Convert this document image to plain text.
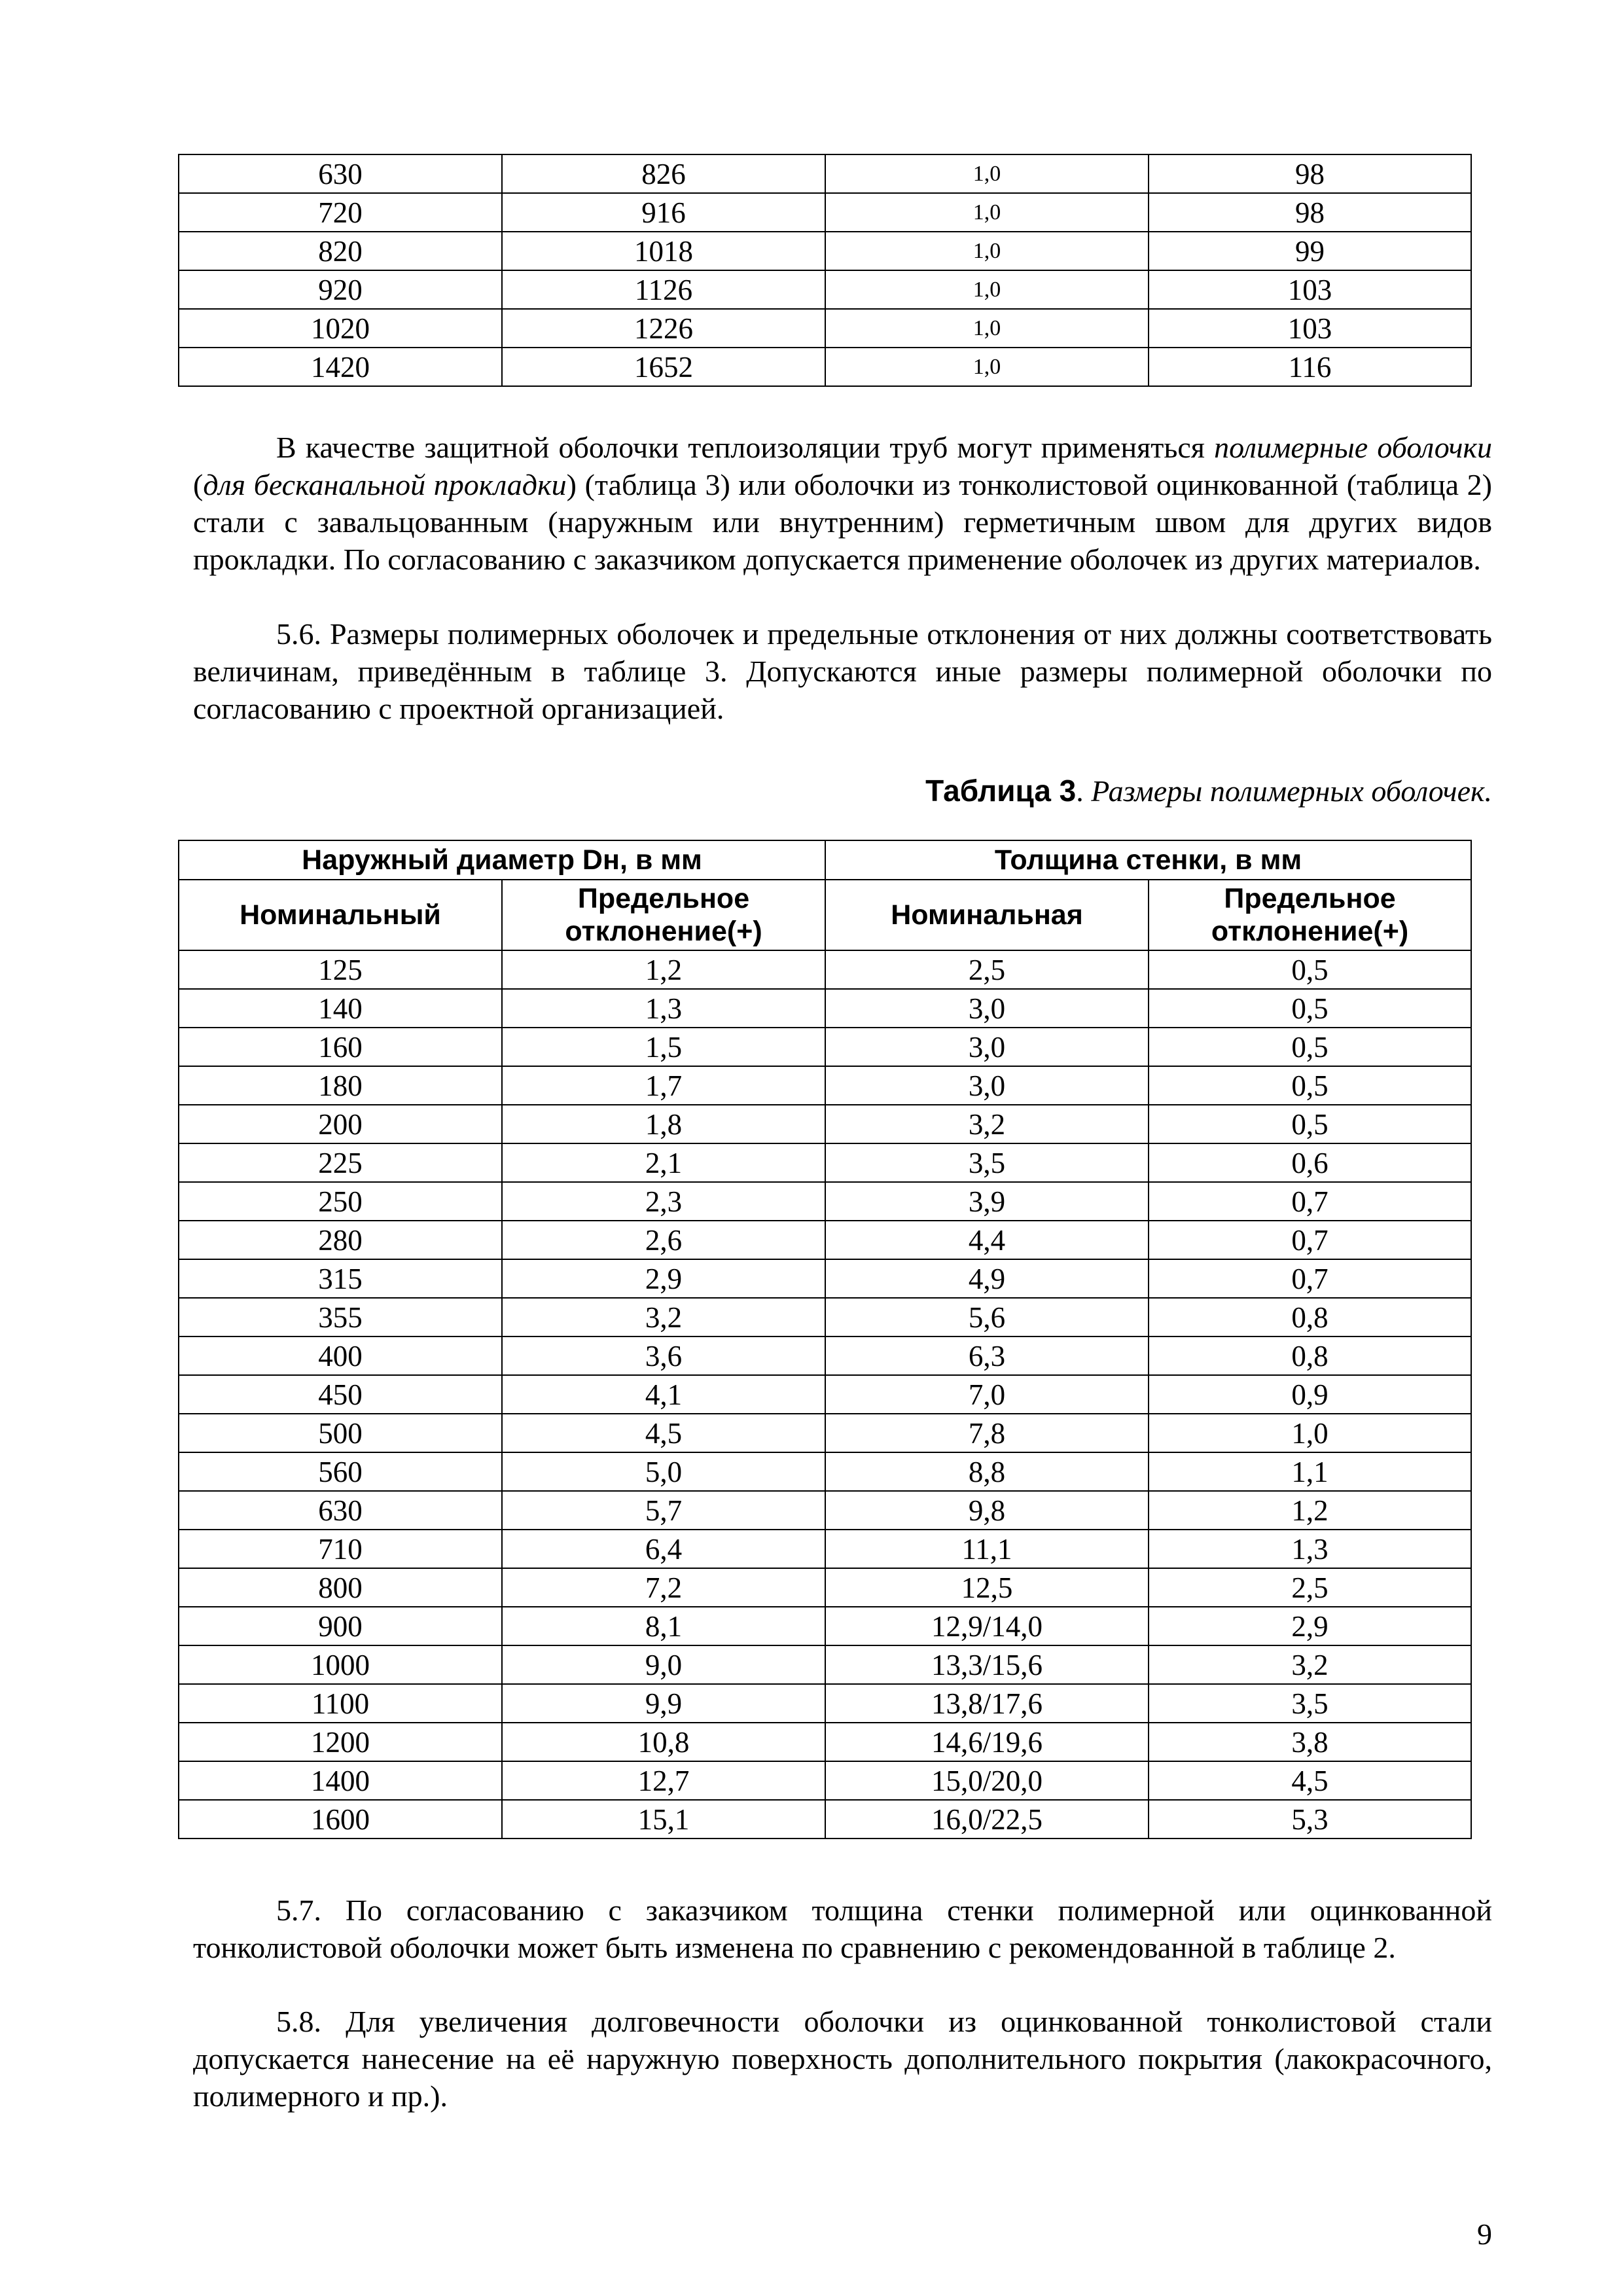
630	826	1,0	98
720	916	1,0	98
820	1018	1,0	99
920	1126	1,0	103
1020	1226	1,0	103
1420	1652	1,0	116

В качестве защитной оболочки теплоизоляции труб могут применяться полимерные оболочки (для бесканальной прокладки) (таблица 3) или оболочки из тонколистовой оцинкованной (таблица 2) стали с завальцованным (наружным или внутренним) герметичным швом для других видов прокладки. По согласованию с заказчиком допускается применение оболочек из других материалов.

5.6. Размеры полимерных оболочек и предельные отклонения от них должны соответствовать величинам, приведённым в таблице 3. Допускаются иные размеры полимерной оболочки по согласованию с проектной организацией.

Таблица 3. Размеры полимерных оболочек.
Наружный диаметр Dн, в мм		Толщина стенки, в мм	
Номинальный	Предельное отклонение(+)	Номинальная	Предельное отклонение(+)
125	1,2	2,5	0,5
140	1,3	3,0	0,5
160	1,5	3,0	0,5
180	1,7	3,0	0,5
200	1,8	3,2	0,5
225	2,1	3,5	0,6
250	2,3	3,9	0,7
280	2,6	4,4	0,7
315	2,9	4,9	0,7
355	3,2	5,6	0,8
400	3,6	6,3	0,8
450	4,1	7,0	0,9
500	4,5	7,8	1,0
560	5,0	8,8	1,1
630	5,7	9,8	1,2
710	6,4	11,1	1,3
800	7,2	12,5	2,5
900	8,1	12,9/14,0	2,9
1000	9,0	13,3/15,6	3,2
1100	9,9	13,8/17,6	3,5
1200	10,8	14,6/19,6	3,8
1400	12,7	15,0/20,0	4,5
1600	15,1	16,0/22,5	5,3

5.7. По согласованию с заказчиком толщина стенки полимерной или оцинкованной тонколистовой оболочки может быть изменена по сравнению с рекомендованной в таблице 2.

5.8. Для увеличения долговечности оболочки из оцинкованной тонколистовой стали допускается нанесение на её наружную поверхность дополнительного покрытия (лакокрасочного, полимерного и пр.).

9
